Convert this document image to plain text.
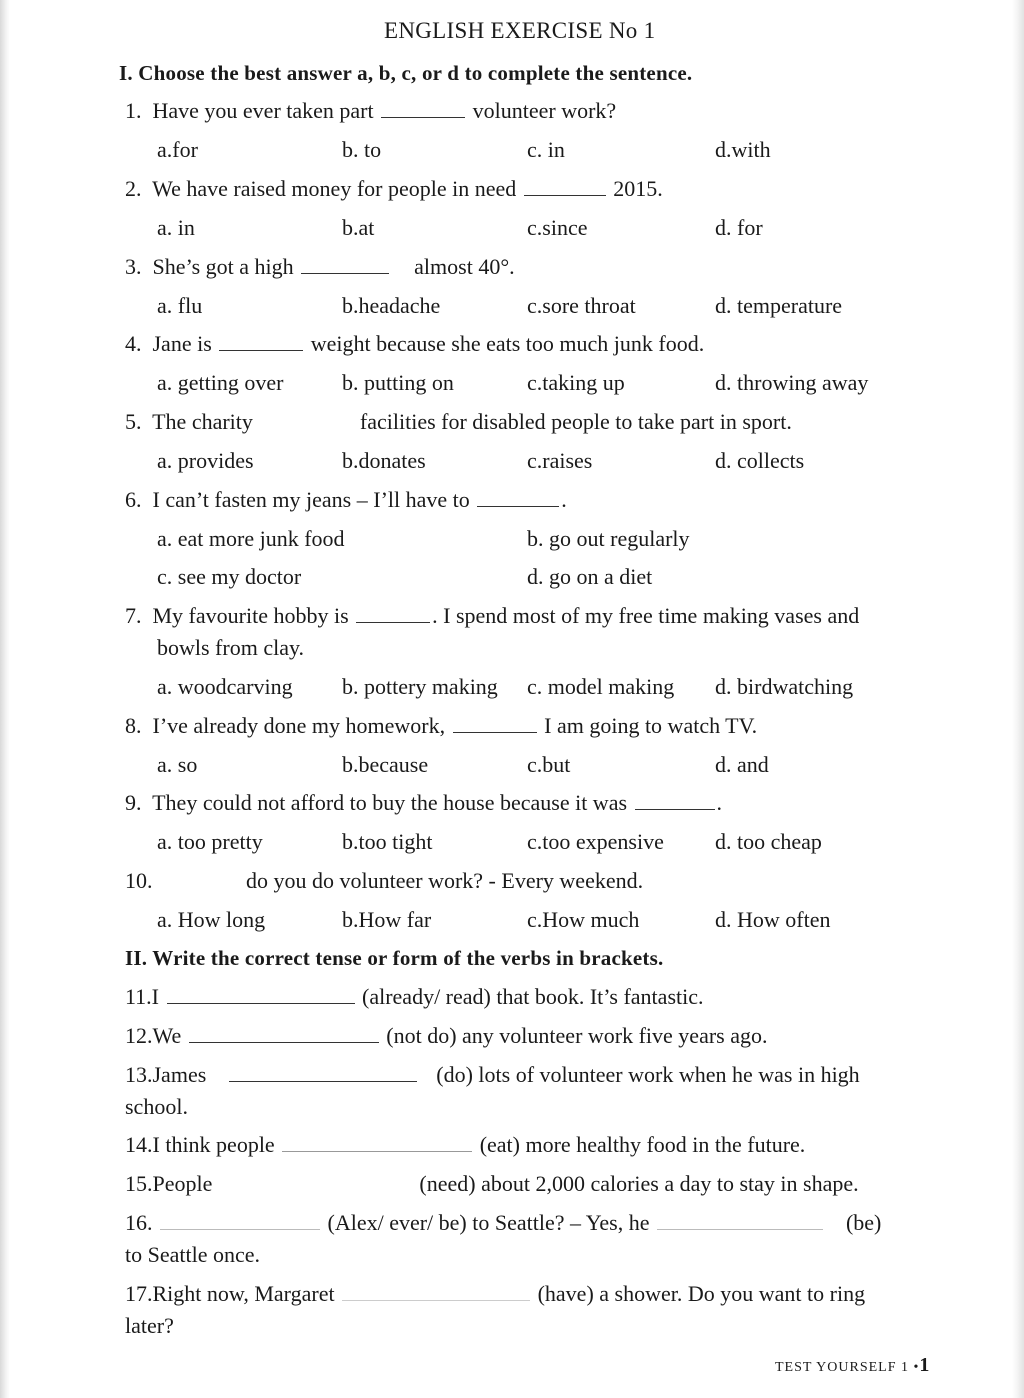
ENGLISH EXERCISE No 1
I. Choose the best answer a, b, c, or d to complete the sentence.
1. Have you ever taken part	volunteer work?
a.for	b. to	c. in	d.with
2. We have raised money for people in need	2015.
a. in	b.at	c.since	d. for
3. She’s got a high	almost 40°.
a. flu	b.headache	c.sore throat	d. temperature
4. Jane is	weight because she eats too much junk food.
a. getting over	b. putting on	c.taking up	d. throwing away
5. The charity	facilities for disabled people to take part in sport.
a. provides	b.donates	c.raises	d. collects
6. I can’t fasten my jeans – I’ll have to	.
a. eat more junk food	b. go out regularly
c. see my doctor	d. go on a diet
7. My favourite hobby is	. I spend most of my free time making vases and
bowls from clay.
a. woodcarving b. pottery making c. model making d. birdwatching
8. I’ve already done my homework,	I am going to watch TV.
a. so	b.because	c.but	d. and
9. They could not afford to buy the house because it was	.
a. too pretty	b.too tight	c.too expensive d. too cheap
10.	do you do volunteer work? - Every weekend.
a. How long	b.How far	c.How much	d. How often
II. Write the correct tense or form of the verbs in brackets.
11.I	(already/ read) that book. It’s fantastic.
12.We	(not do) any volunteer work five years ago.
13.James	(do) lots of volunteer work when he was in high
school.
14.I think people	(eat) more healthy food in the future.
15.People	(need) about 2,000 calories a day to stay in shape.
16.	(Alex/ ever/ be) to Seattle? – Yes, he	(be)
to Seattle once.
17.Right now, Margaret	(have) a shower. Do you want to ring
later?
TEST YOURSELF 1 •1
